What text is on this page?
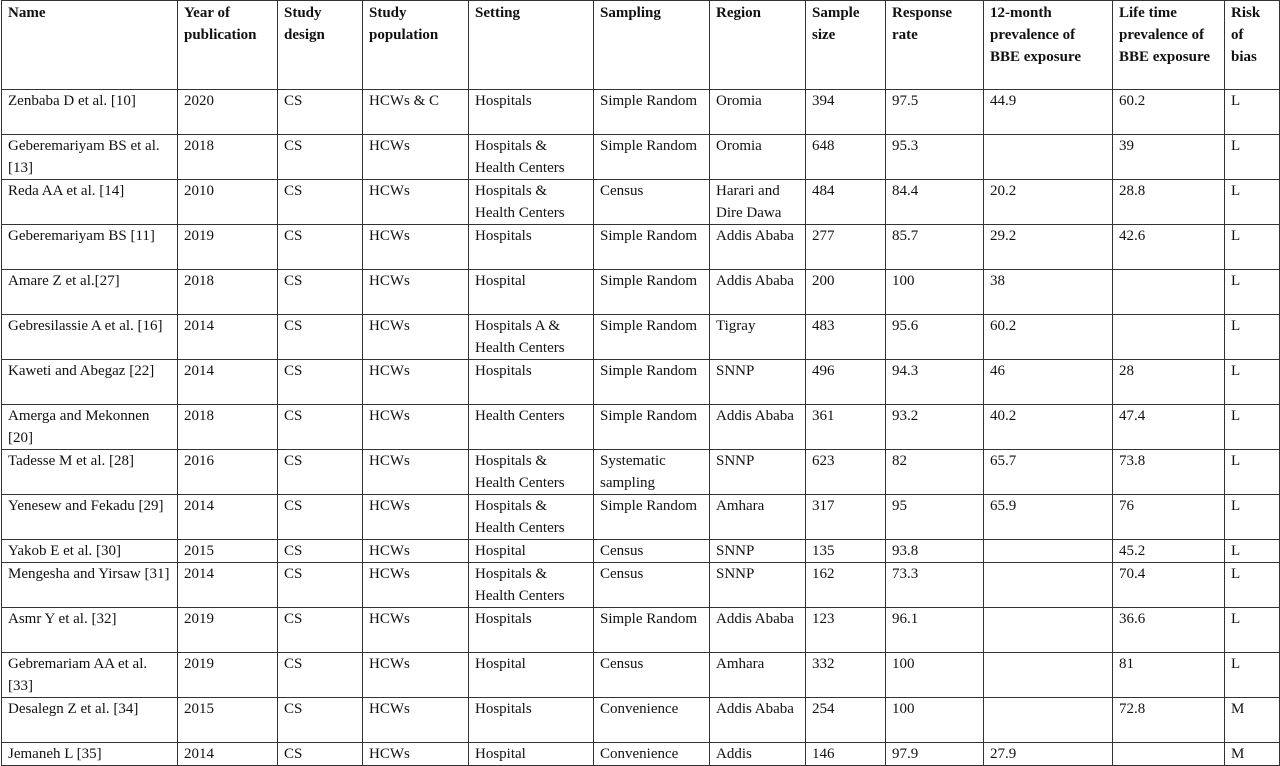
Name	Year of publication	Study design	Study population	Setting	Sampling	Region	Sample size	Response rate	12-month prevalence of BBE exposure	Life time prevalence of BBE exposure	Risk of bias
Zenbaba D et al. [10]	2020	CS	HCWs & C	Hospitals	Simple Random	Oromia	394	97.5	44.9	60.2	L
Geberemariyam BS et al.[13]	2018	CS	HCWs	Hospitals & Health Centers	Simple Random	Oromia	648	95.3		39	L
Reda AA et al. [14]	2010	CS	HCWs	Hospitals & Health Centers	Census	Harari and Dire Dawa	484	84.4	20.2	28.8	L
Geberemariyam BS [11]	2019	CS	HCWs	Hospitals	Simple Random	Addis Ababa	277	85.7	29.2	42.6	L
Amare Z et al.[27]	2018	CS	HCWs	Hospital	Simple Random	Addis Ababa	200	100	38		L
Gebresilassie A et al. [16]	2014	CS	HCWs	Hospitals A & Health Centers	Simple Random	Tigray	483	95.6	60.2		L
Kaweti and Abegaz [22]	2014	CS	HCWs	Hospitals	Simple Random	SNNP	496	94.3	46	28	L
Amerga and Mekonnen [20]	2018	CS	HCWs	Health Centers	Simple Random	Addis Ababa	361	93.2	40.2	47.4	L
Tadesse M et al. [28]	2016	CS	HCWs	Hospitals & Health Centers	Systematic sampling	SNNP	623	82	65.7	73.8	L
Yenesew and Fekadu [29]	2014	CS	HCWs	Hospitals & Health Centers	Simple Random	Amhara	317	95	65.9	76	L
Yakob E et al. [30]	2015	CS	HCWs	Hospital	Census	SNNP	135	93.8		45.2	L
Mengesha and Yirsaw [31]	2014	CS	HCWs	Hospitals & Health Centers	Census	SNNP	162	73.3		70.4	L
Asmr Y et al. [32]	2019	CS	HCWs	Hospitals	Simple Random	Addis Ababa	123	96.1		36.6	L
Gebremariam AA et al. [33]	2019	CS	HCWs	Hospital	Census	Amhara	332	100		81	L
Desalegn Z et al. [34]	2015	CS	HCWs	Hospitals	Convenience	Addis Ababa	254	100		72.8	M
Jemaneh L [35]	2014	CS	HCWs	Hospital	Convenience	Addis	146	97.9	27.9		M
